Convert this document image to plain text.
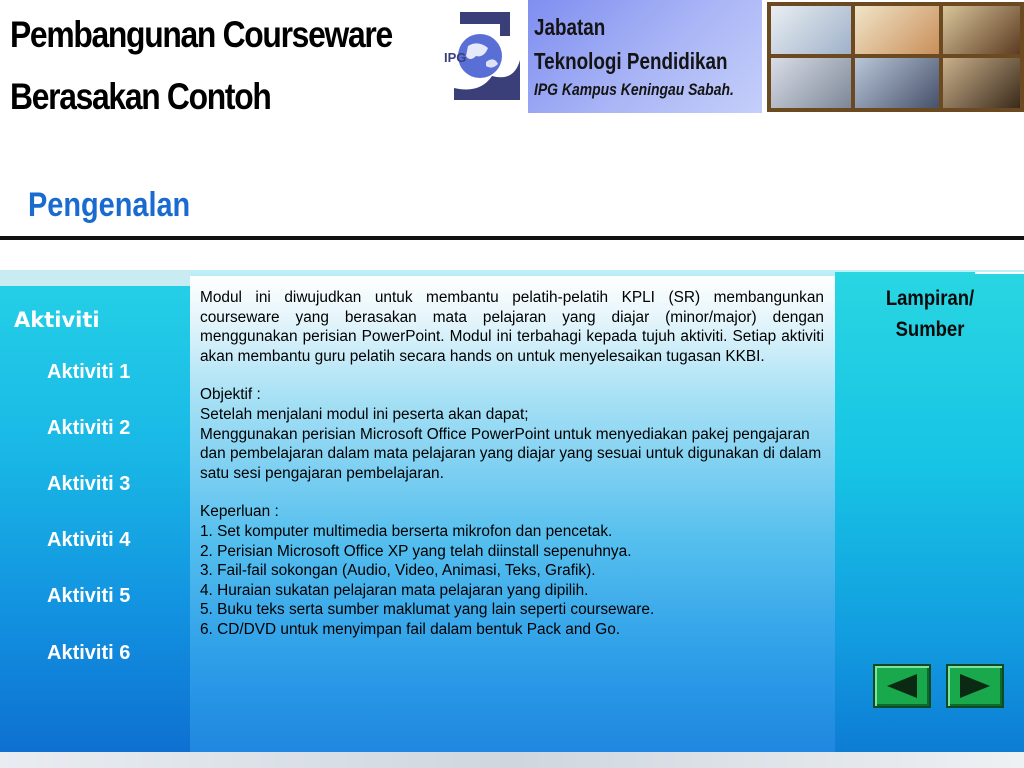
Pembangunan Courseware
Berasakan Contoh
IPG
Jabatan
Teknologi Pendidikan
IPG Kampus Keningau Sabah.
Pengenalan
Aktiviti
Aktiviti 1
Aktiviti 2
Aktiviti 3
Aktiviti 4
Aktiviti 5
Aktiviti 6

Modul ini diwujudkan untuk membantu pelatih-pelatih KPLI (SR) membangunkan courseware yang berasakan mata pelajaran yang diajar (minor/major) dengan menggunakan perisian PowerPoint. Modul ini terbahagi kepada tujuh aktiviti. Setiap aktiviti akan membantu guru pelatih secara hands on untuk menyelesaikan tugasan KKBI.

Objektif :

Setelah menjalani modul ini peserta akan dapat;

Menggunakan perisian Microsoft Office PowerPoint untuk menyediakan pakej pengajaran dan pembelajaran dalam mata pelajaran yang diajar yang sesuai untuk digunakan di dalam satu sesi pengajaran pembelajaran.

Keperluan :

1. Set komputer multimedia berserta mikrofon dan pencetak.

2. Perisian Microsoft Office XP yang telah diinstall sepenuhnya.

3. Fail-fail sokongan (Audio, Video, Animasi, Teks, Grafik).

4. Huraian sukatan pelajaran mata pelajaran yang dipilih.

5. Buku teks serta sumber maklumat yang lain seperti courseware.

6. CD/DVD untuk menyimpan fail dalam bentuk Pack and Go.

Lampiran/
Sumber
